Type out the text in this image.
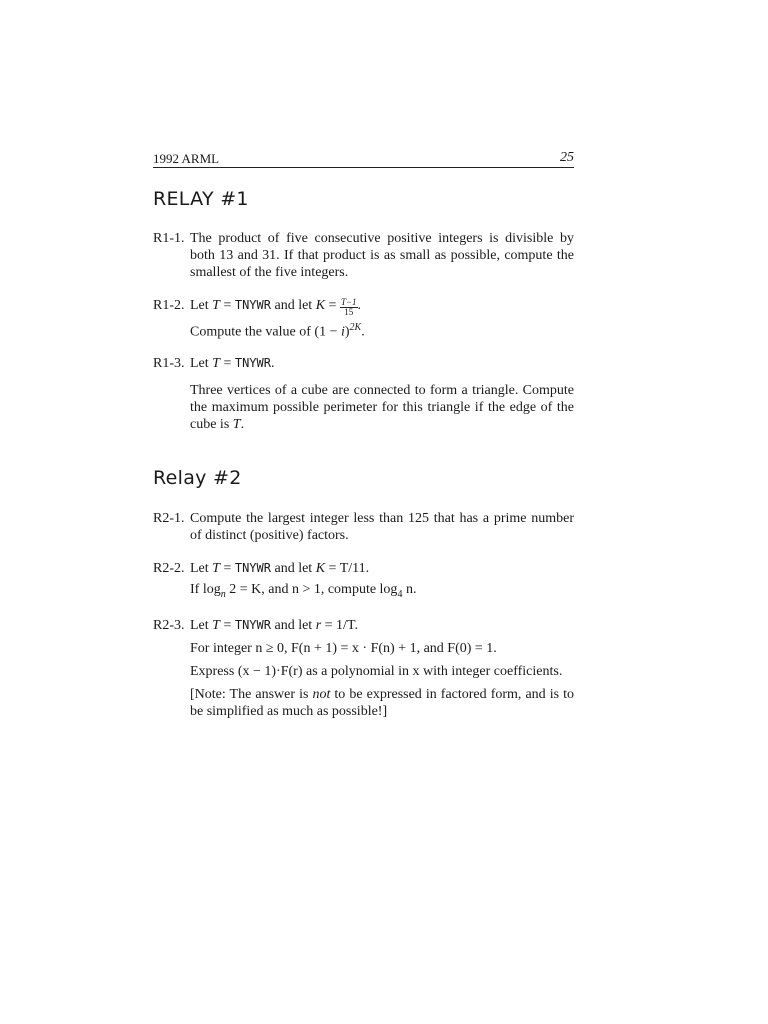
1992 ARML	25
RELAY #1
R1-1. The product of five consecutive positive integers is divisible by both 13 and 31. If that product is as small as possible, compute the smallest of the five integers.

R1-2. Let T = TNYWR and let $K = \frac{T-1}{15}$ .

Compute the value of $(1 - i)^{2K}$.

R1-3. Let T = TNYWR.

Three vertices of a cube are connected to form a triangle. Compute the maximum possible perimeter for this triangle if the edge of the cube is T.

Relay #2
R2-1. Compute the largest integer less than 125 that has a prime number of distinct (positive) factors.

R2-2. Let T = TNYWR and let K = T/11.

If $\log_n 2 = K$, and n > 1, compute $\log_4 n$.

R2-3. Let T = TNYWR and let r = 1/T.

For integer n ≥ 0, F(n + 1) = x · F(n) + 1, and F(0) = 1.

Express (x − 1)·F(r) as a polynomial in x with integer coefficients.

[Note: The answer is not to be expressed in factored form, and is to be simplified as much as possible!]
